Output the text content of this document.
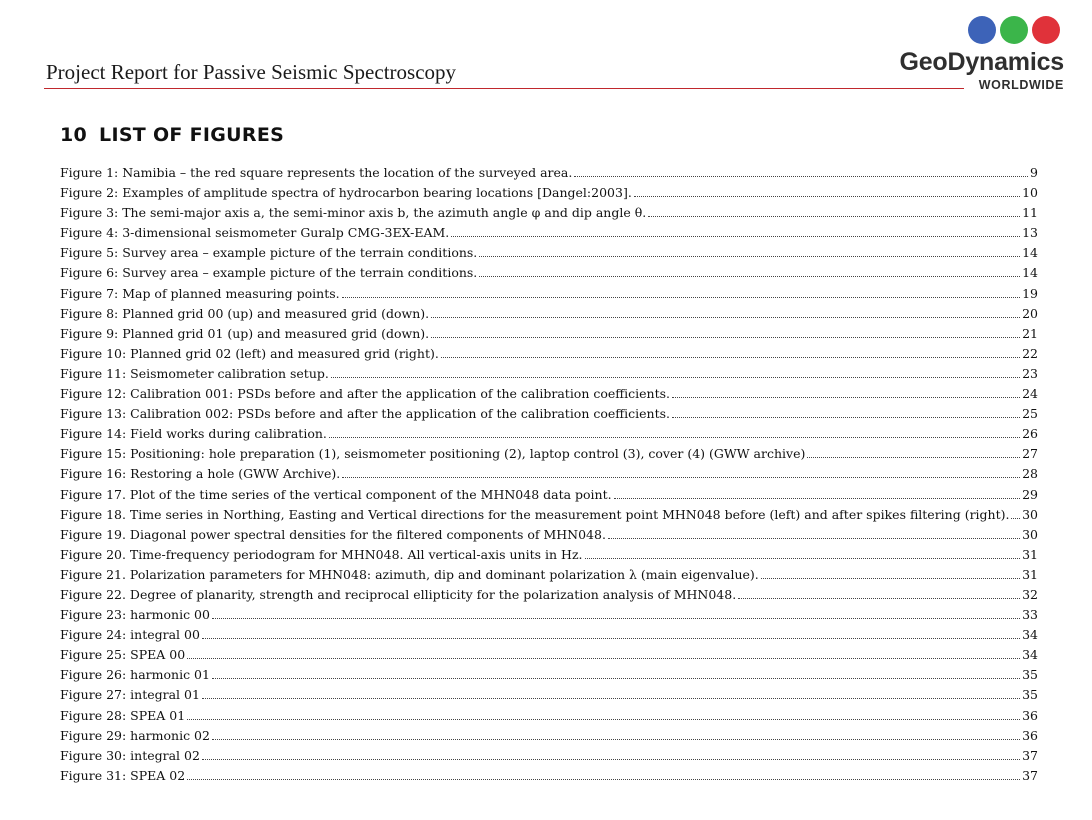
Project Report for Passive Seismic Spectroscopy	GeoDynamics
WORLDWIDE
10 LIST OF FIGURES
Figure 1: Namibia – the red square represents the location of the surveyed area.	9
Figure 2: Examples of amplitude spectra of hydrocarbon bearing locations [Dangel:2003].	10
Figure 3: The semi-major axis a, the semi-minor axis b, the azimuth angle φ and dip angle θ.	11
Figure 4: 3-dimensional seismometer Guralp CMG-3EX-EAM.	13
Figure 5: Survey area – example picture of the terrain conditions.	14
Figure 6: Survey area – example picture of the terrain conditions.	14
Figure 7: Map of planned measuring points.	19
Figure 8: Planned grid 00 (up) and measured grid (down).	20
Figure 9: Planned grid 01 (up) and measured grid (down).	21
Figure 10: Planned grid 02 (left) and measured grid (right).	22
Figure 11: Seismometer calibration setup.	23
Figure 12: Calibration 001: PSDs before and after the application of the calibration coefficients.	24
Figure 13: Calibration 002: PSDs before and after the application of the calibration coefficients.	25
Figure 14: Field works during calibration.	26
Figure 15: Positioning: hole preparation (1), seismometer positioning (2), laptop control (3), cover (4) (GWW archive)	27
Figure 16: Restoring a hole (GWW Archive).	28
Figure 17. Plot of the time series of the vertical component of the MHN048 data point.	29
Figure 18. Time series in Northing, Easting and Vertical directions for the measurement point MHN048 before (left) and after spikes filtering (right). 30
Figure 19. Diagonal power spectral densities for the filtered components of MHN048.	30
Figure 20. Time-frequency periodogram for MHN048. All vertical-axis units in Hz.	31
Figure 21. Polarization parameters for MHN048: azimuth, dip and dominant polarization λ (main eigenvalue).	31
Figure 22. Degree of planarity, strength and reciprocal ellipticity for the polarization analysis of MHN048.	32
Figure 23: harmonic 00	33
Figure 24: integral 00	34
Figure 25: SPEA 00	34
Figure 26: harmonic 01	35
Figure 27: integral 01	35
Figure 28: SPEA 01	36
Figure 29: harmonic 02	36
Figure 30: integral 02	37
Figure 31: SPEA 02	37
